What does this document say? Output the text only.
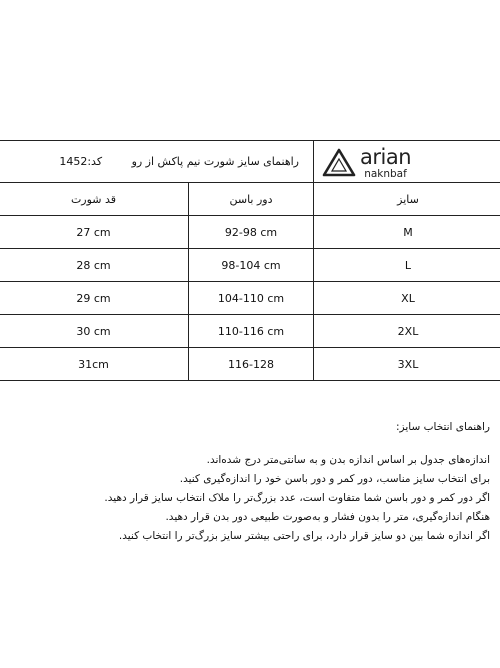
راهنمای سایز شورت نیم پاکش از رو کد:1452		arian
naknbaf

قد شورت	دور باسن	سایز
27 cm	92-98 cm	M
28 cm	98-104 cm	L
29 cm	104-110 cm	XL
30 cm	110-116 cm	2XL
31cm	116-128	3XL
راهنمای انتخاب سایز:
اندازه‌های جدول بر اساس اندازه بدن و به سانتی‌متر درج شده‌اند.
برای انتخاب سایز مناسب، دور کمر و دور باسن خود را اندازه‌گیری کنید.
اگر دور کمر و دور باسن شما متفاوت است، عدد بزرگ‌تر را ملاک انتخاب سایز قرار دهید.
هنگام اندازه‌گیری، متر را بدون فشار و به‌صورت طبیعی دور بدن قرار دهید.
اگر اندازه شما بین دو سایز قرار دارد، برای راحتی بیشتر سایز بزرگ‌تر را انتخاب کنید.
